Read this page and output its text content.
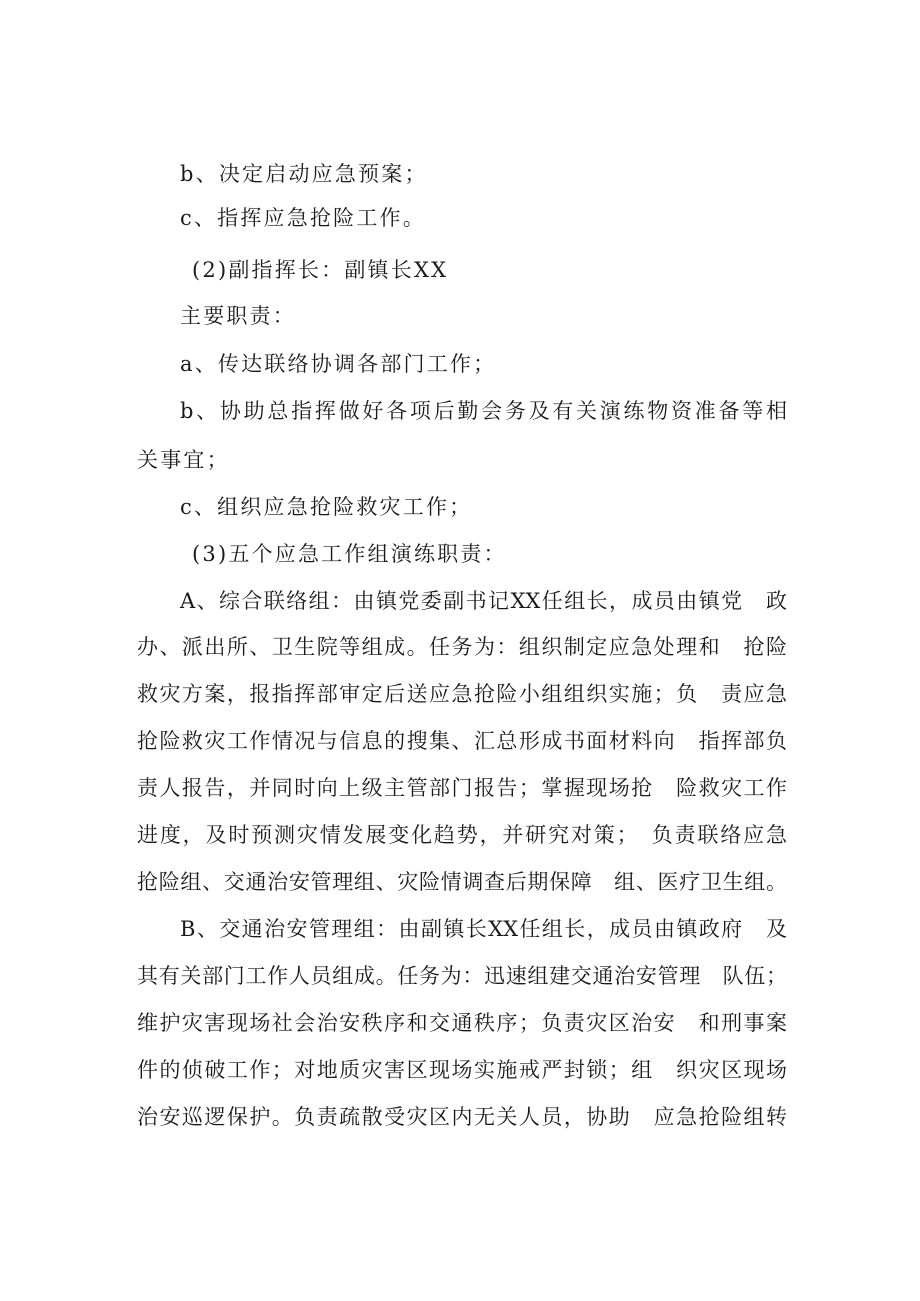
b、决定启动应急预案；
c、指挥应急抢险工作。
(2)副指挥长：副镇长XX
主要职责：
a、传达联络协调各部门工作；
b、协助总指挥做好各项后勤会务及有关演练物资准备等相
关事宜；
c、组织应急抢险救灾工作；
(3)五个应急工作组演练职责：
A、综合联络组：由镇党委副书记XX任组长，成员由镇党　政
办、派出所、卫生院等组成。任务为：组织制定应急处理和　抢险
救灾方案，报指挥部审定后送应急抢险小组组织实施；负　责应急
抢险救灾工作情况与信息的搜集、汇总形成书面材料向　指挥部负
责人报告，并同时向上级主管部门报告；掌握现场抢　险救灾工作
进度，及时预测灾情发展变化趋势，并研究对策；　负责联络应急
抢险组、交通治安管理组、灾险情调查后期保障　组、医疗卫生组。
B、交通治安管理组：由副镇长XX任组长，成员由镇政府　及
其有关部门工作人员组成。任务为：迅速组建交通治安管理　队伍；
维护灾害现场社会治安秩序和交通秩序；负责灾区治安　和刑事案
件的侦破工作；对地质灾害区现场实施戒严封锁；组　织灾区现场
治安巡逻保护。负责疏散受灾区内无关人员，协助　应急抢险组转
